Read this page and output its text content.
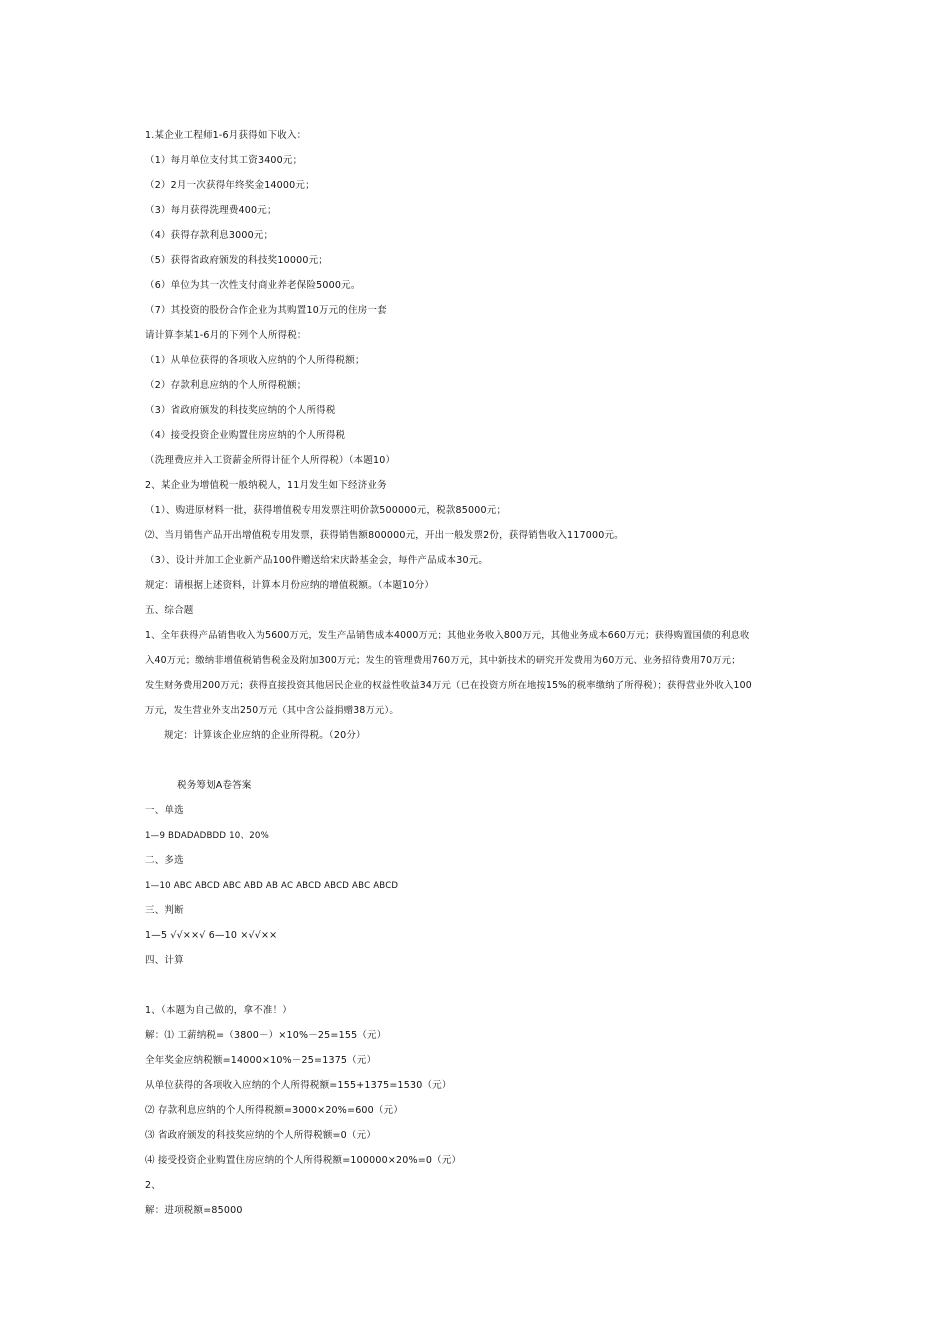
1.某企业工程师1-6月获得如下收入：
（1）每月单位支付其工资3400元；
（2）2月一次获得年终奖金14000元；
（3）每月获得洗理费400元；
（4）获得存款利息3000元；
（5）获得省政府颁发的科技奖10000元；
（6）单位为其一次性支付商业养老保险5000元。
（7）其投资的股份合作企业为其购置10万元的住房一套
请计算李某1-6月的下列个人所得税：
（1）从单位获得的各项收入应纳的个人所得税额；
（2）存款利息应纳的个人所得税额；
（3）省政府颁发的科技奖应纳的个人所得税
（4）接受投资企业购置住房应纳的个人所得税
（洗理费应并入工资薪金所得计征个人所得税）（本题10）
2、某企业为增值税一般纳税人，11月发生如下经济业务
（1）、购进原材料一批，获得增值税专用发票注明价款500000元，税款85000元；
⑵、当月销售产品开出增值税专用发票，获得销售额800000元，开出一般发票2份，获得销售收入117000元。
（3）、设计并加工企业新产品100件赠送给宋庆龄基金会，每件产品成本30元。
规定：请根据上述资料，计算本月份应纳的增值税额。（本题10分）
五、综合题
1、全年获得产品销售收入为5600万元，发生产品销售成本4000万元；其他业务收入800万元，其他业务成本660万元；获得购置国债的利息收
入40万元；缴纳非增值税销售税金及附加300万元；发生的管理费用760万元，其中新技术的研究开发费用为60万元、业务招待费用70万元；
发生财务费用200万元；获得直接投资其他居民企业的权益性收益34万元（已在投资方所在地按15%的税率缴纳了所得税）；获得营业外收入100
万元，发生营业外支出250万元（其中含公益捐赠38万元）。
规定：计算该企业应纳的企业所得税。（20分）
税务筹划A卷答案
一、单选
1—9 BDADADBDD 10、20%
二、多选
1—10 ABC ABCD ABC ABD AB AC ABCD ABCD ABC ABCD
三、判断
1—5 √√××√ 6—10 ×√√××
四、计算
1、（本题为自己做的，拿不准！）
解：⑴ 工薪纳税=（3800－）×10%－25=155（元）
全年奖金应纳税额=14000×10%－25=1375（元）
从单位获得的各项收入应纳的个人所得税额=155+1375=1530（元）
⑵ 存款利息应纳的个人所得税额=3000×20%=600（元）
⑶ 省政府颁发的科技奖应纳的个人所得税额=0（元）
⑷ 接受投资企业购置住房应纳的个人所得税额=100000×20%=0（元）
2、
解：进项税额=85000
